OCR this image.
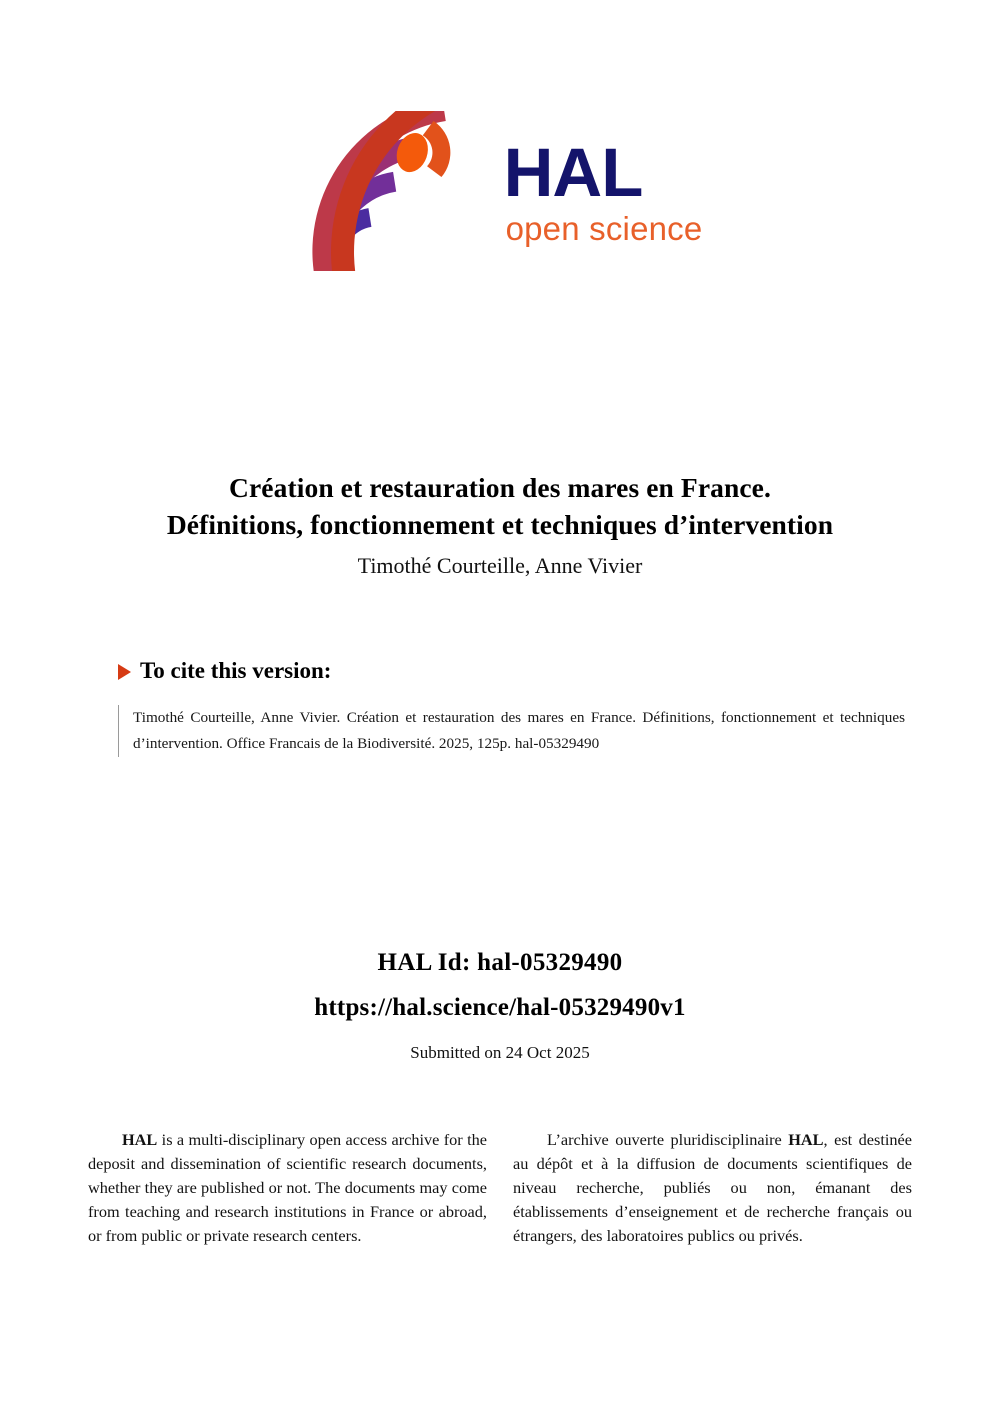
HAL
open science
Création et restauration des mares en France.
Définitions, fonctionnement et techniques d’intervention
Timothé Courteille, Anne Vivier
To cite this version:
Timothé Courteille, Anne Vivier. Création et restauration des mares en France. Définitions, fonctionnement et techniques d’intervention. Office Francais de la Biodiversité. 2025, 125p. hal-05329490
HAL Id: hal-05329490
https://hal.science/hal-05329490v1
Submitted on 24 Oct 2025

HAL is a multi-disciplinary open access archive for the deposit and dissemination of scientific research documents, whether they are published or not. The documents may come from teaching and research institutions in France or abroad, or from public or private research centers.

L’archive ouverte pluridisciplinaire HAL, est destinée au dépôt et à la diffusion de documents scientifiques de niveau recherche, publiés ou non, émanant des établissements d’enseignement et de recherche français ou étrangers, des laboratoires publics ou privés.
